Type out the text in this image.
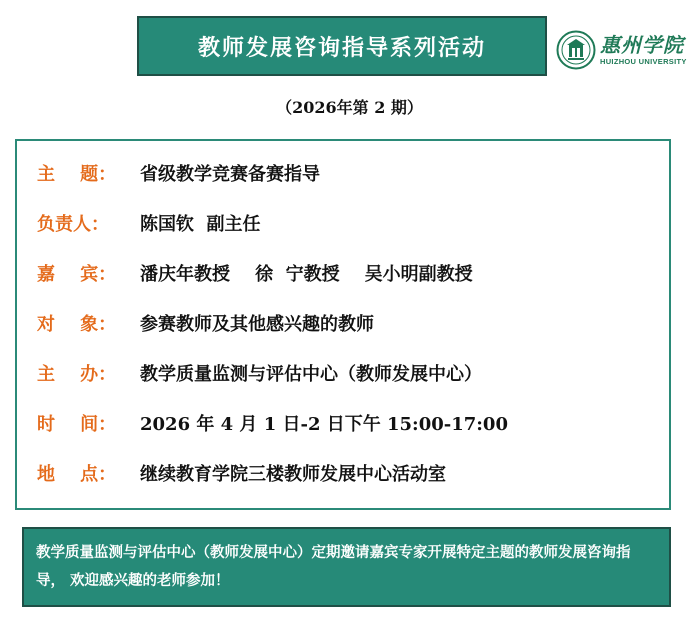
教师发展咨询指导系列活动	惠州学院
HUIZHOU UNIVERSITY
（2026年第 2 期）
主    题：	省级教学竞赛备赛指导
负责人：	陈国钦  副主任
嘉    宾：	潘庆年教授    徐  宁教授    吴小明副教授
对    象：	参赛教师及其他感兴趣的教师
主    办：	教学质量监测与评估中心（教师发展中心）
时    间：	2026 年 4 月 1 日-2 日下午 15:00-17:00
地    点：	继续教育学院三楼教师发展中心活动室
教学质量监测与评估中心（教师发展中心）定期邀请嘉宾专家开展特定主题的教师发展咨询指导， 欢迎感兴趣的老师参加！
